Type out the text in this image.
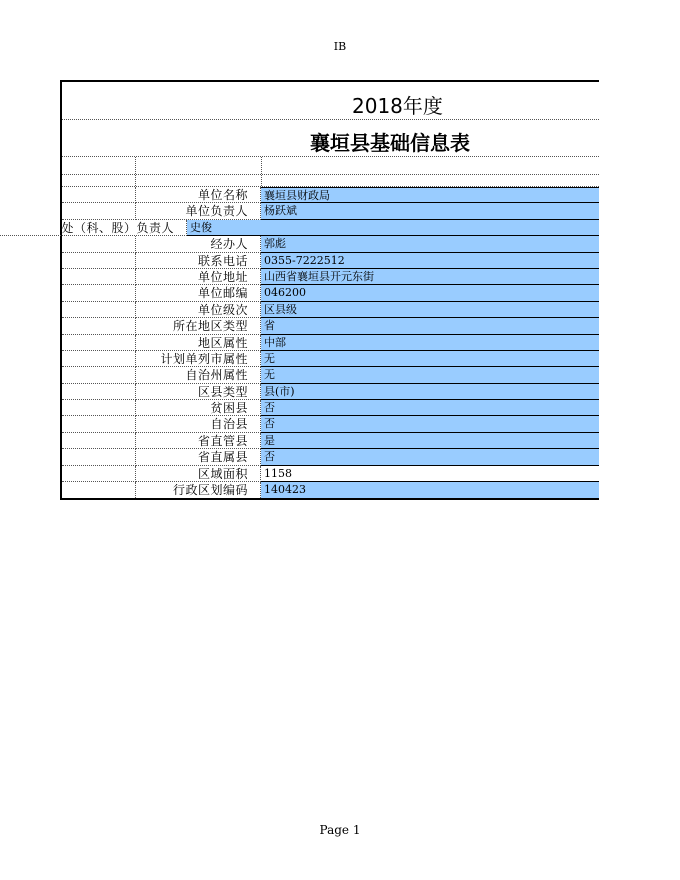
IB
2018年度
襄垣县基础信息表
单位名称	襄垣县财政局
单位负责人	杨跃斌
处（科、股）负责人	史俊
经办人	郭彪
联系电话	0355-7222512
单位地址	山西省襄垣县开元东街
单位邮编	046200
单位级次	区县级
所在地区类型	省
地区属性	中部
计划单列市属性	无
自治州属性	无
区县类型	县(市)
贫困县	否
自治县	否
省直管县	是
省直属县	否
区域面积	1158
行政区划编码	140423
Page 1
